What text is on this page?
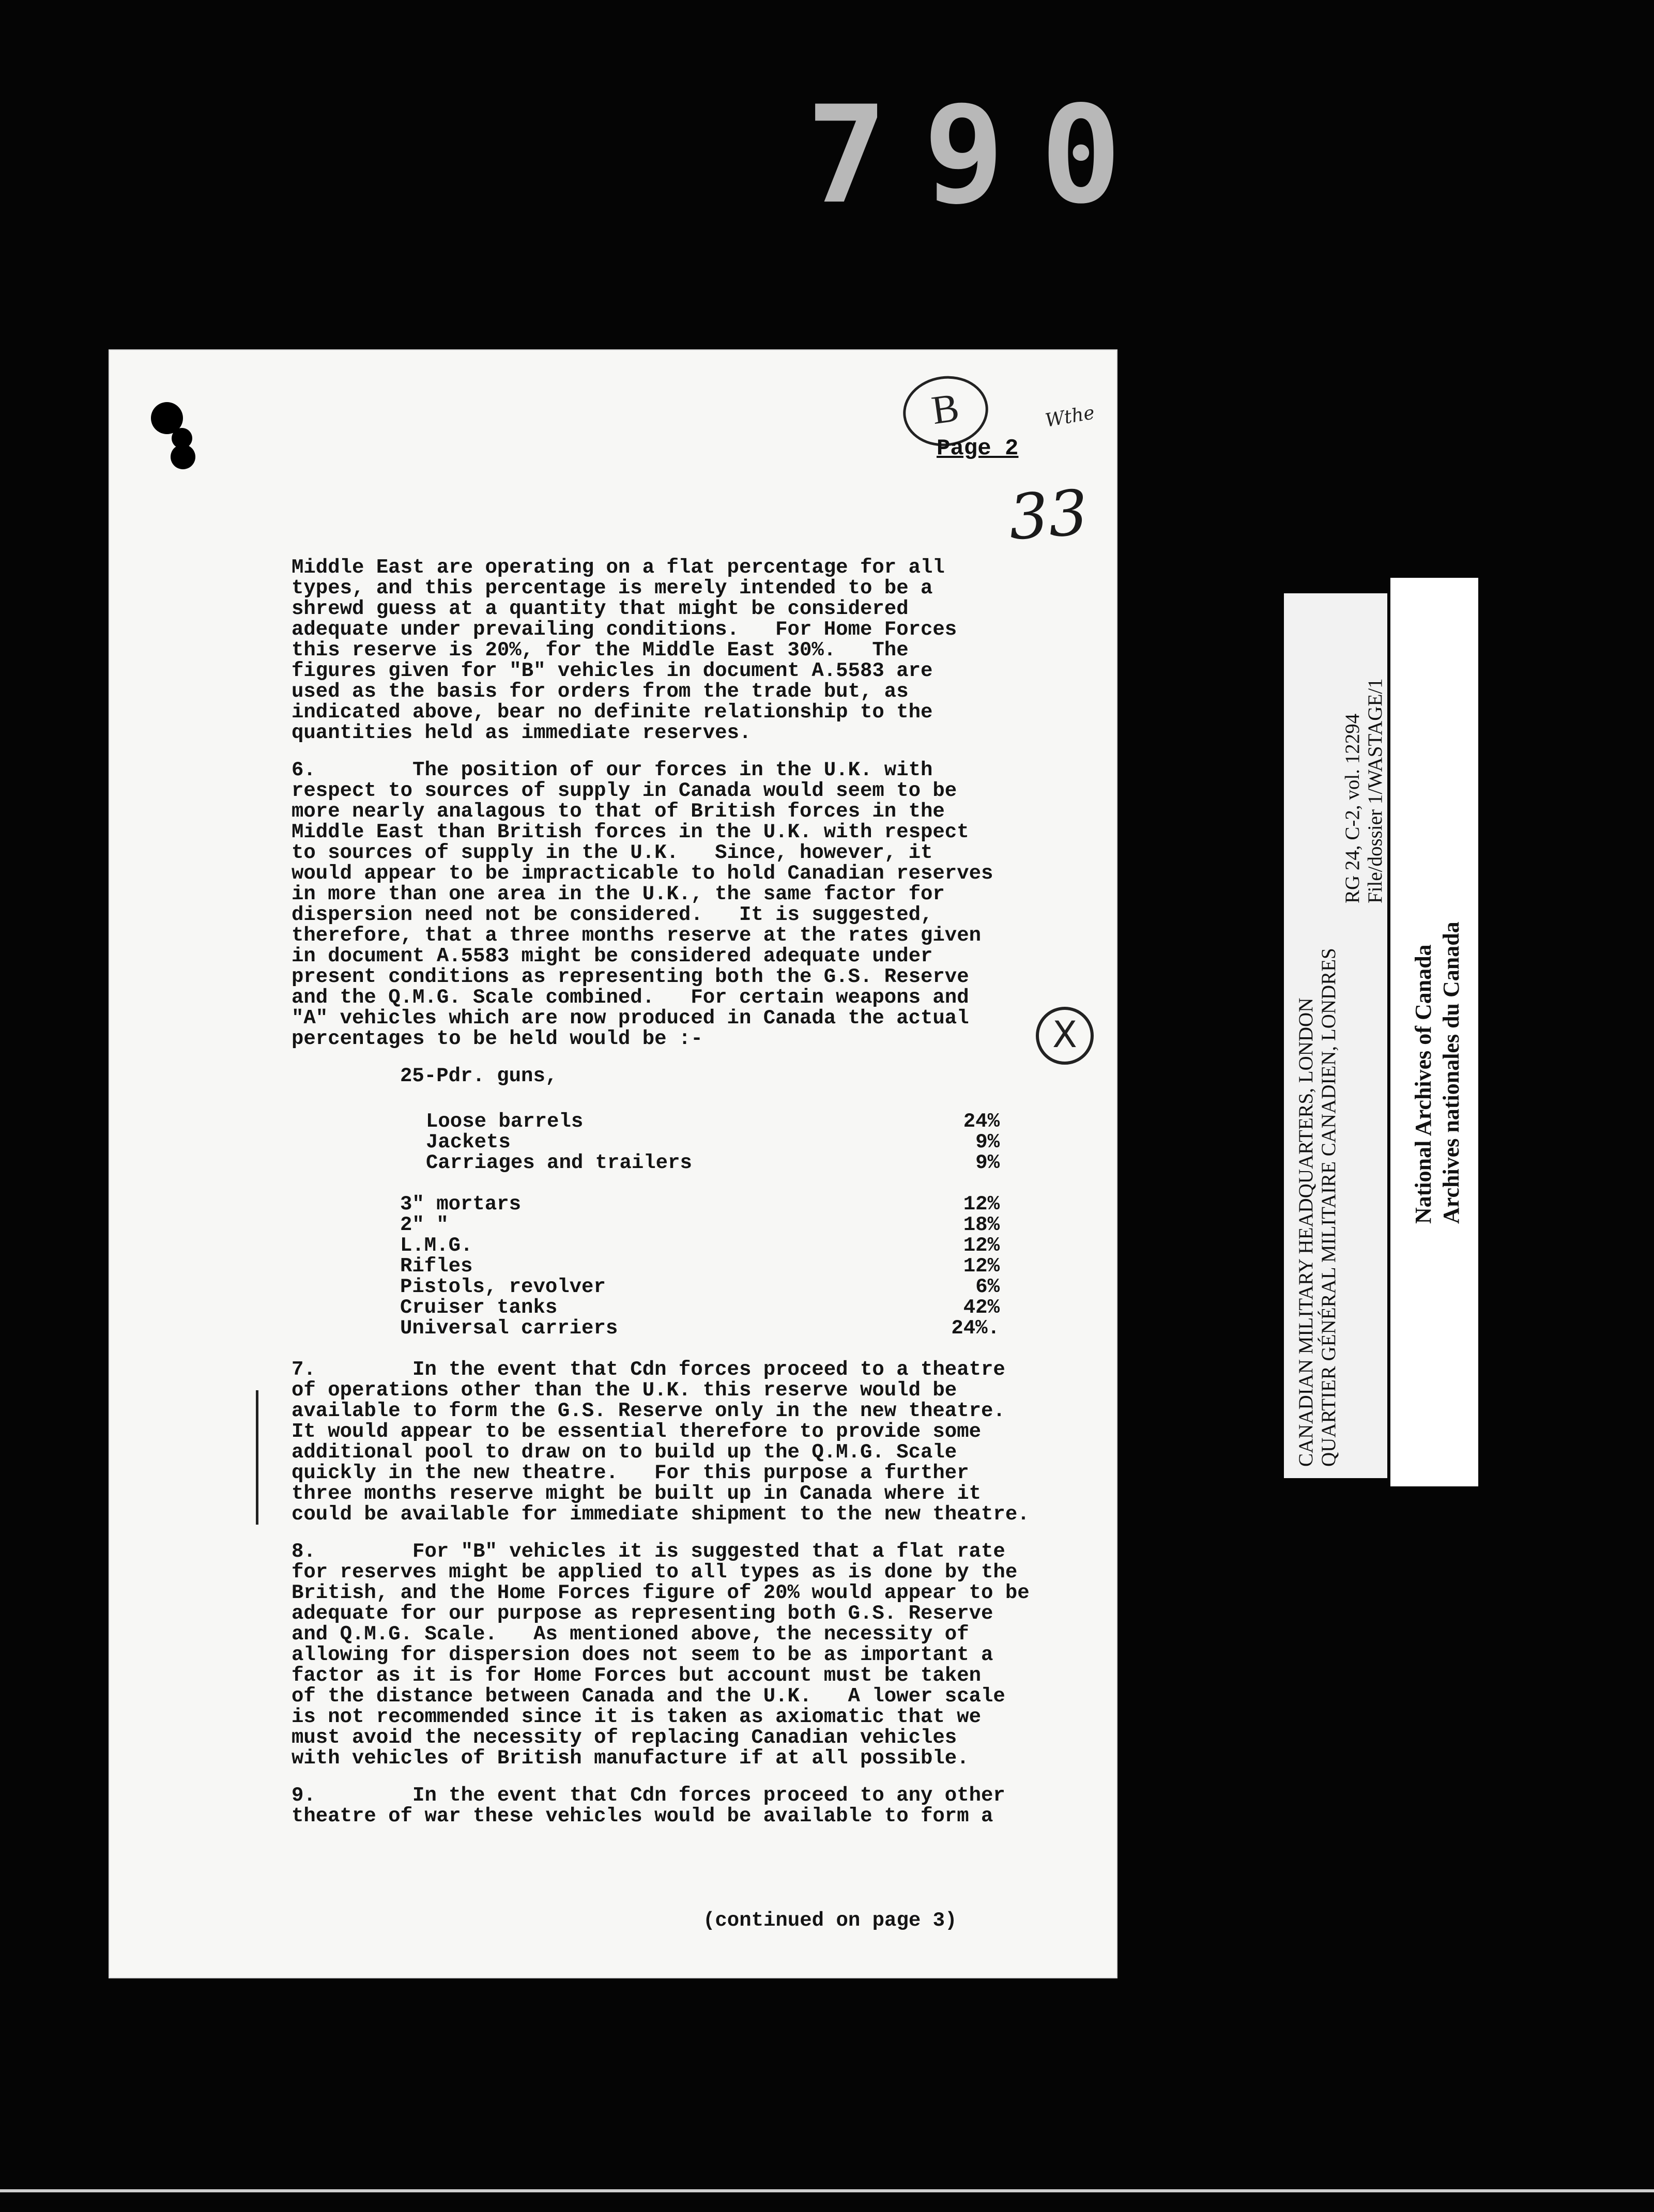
790
B
Page 2
Wthe
33
X

Middle East are operating on a flat percentage for all
types, and this percentage is merely intended to be a
shrewd guess at a quantity that might be considered
adequate under prevailing conditions.   For Home Forces
this reserve is 20%, for the Middle East 30%.   The
figures given for "B" vehicles in document A.5583 are
used as the basis for orders from the trade but, as
indicated above, bear no definite relationship to the
quantities held as immediate reserves.

6.        The position of our forces in the U.K. with
respect to sources of supply in Canada would seem to be
more nearly analagous to that of British forces in the
Middle East than British forces in the U.K. with respect
to sources of supply in the U.K.   Since, however, it
would appear to be impracticable to hold Canadian reserves
in more than one area in the U.K., the same factor for
dispersion need not be considered.   It is suggested,
therefore, that a three months reserve at the rates given
in document A.5583 might be considered adequate under
present conditions as representing both the G.S. Reserve
and the Q.M.G. Scale combined.   For certain weapons and
"A" vehicles which are now produced in Canada the actual
percentages to be held would be :-

25-Pdr. guns,
Loose barrels	24%
Jackets	9%
Carriages and trailers	9%
3" mortars	12%
2" "	18%
L.M.G.	12%
Rifles	12%
Pistols, revolver	6%
Cruiser tanks	42%
Universal carriers	24%.

7.        In the event that Cdn forces proceed to a theatre
of operations other than the U.K. this reserve would be
available to form the G.S. Reserve only in the new theatre.
It would appear to be essential therefore to provide some
additional pool to draw on to build up the Q.M.G. Scale
quickly in the new theatre.   For this purpose a further
three months reserve might be built up in Canada where it
could be available for immediate shipment to the new theatre.

8.        For "B" vehicles it is suggested that a flat rate
for reserves might be applied to all types as is done by the
British, and the Home Forces figure of 20% would appear to be
adequate for our purpose as representing both G.S. Reserve
and Q.M.G. Scale.   As mentioned above, the necessity of
allowing for dispersion does not seem to be as important a
factor as it is for Home Forces but account must be taken
of the distance between Canada and the U.K.   A lower scale
is not recommended since it is taken as axiomatic that we
must avoid the necessity of replacing Canadian vehicles
with vehicles of British manufacture if at all possible.

9.        In the event that Cdn forces proceed to any other
theatre of war these vehicles would be available to form a

(continued on page 3)
CANADIAN MILITARY HEADQUARTERS, LONDON QUARTIER GÉNÉRAL MILITAIRE CANADIEN, LONDRES
RG 24, C-2, vol. 12294 File/dossier 1/WASTAGE/1
National Archives of Canada Archives nationales du Canada
